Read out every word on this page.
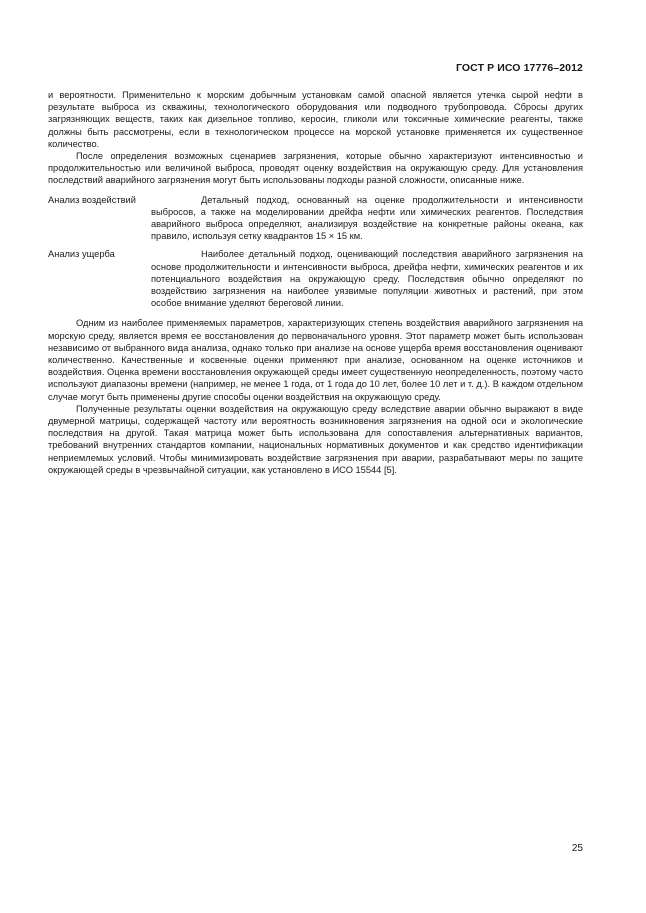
ГОСТ Р ИСО 17776–2012

и вероятности. Применительно к морским добычным установкам самой опасной является утечка сырой нефти в результате выброса из скважины, технологического оборудования или подводного трубопровода. Сбросы других загрязняющих веществ, таких как дизельное топливо, керосин, гликоли или токсичные химические реагенты, также должны быть рассмотрены, если в технологическом процессе на морской установке применяется их существенное количество.

После определения возможных сценариев загрязнения, которые обычно характеризуют интенсивностью и продолжительностью или величиной выброса, проводят оценку воздействия на окружающую среду. Для установления последствий аварийного загрязнения могут быть использованы подходы разной сложности, описанные ниже.

Анализ воздействий	Детальный подход, основанный на оценке продолжительности и интенсивности выбросов, а также на моделировании дрейфа нефти или химических реагентов. Последствия аварийного выброса определяют, анализируя воздействие на конкретные районы океана, как правило, используя сетку квадрантов 15 × 15 км.

Анализ ущерба	Наиболее детальный подход, оценивающий последствия аварийного загрязнения на основе продолжительности и интенсивности выброса, дрейфа нефти, химических реагентов и их потенциального воздействия на окружающую среду. Последствия обычно определяют по воздействию загрязнения на наиболее уязвимые популяции животных и растений, при этом особое внимание уделяют береговой линии.

Одним из наиболее применяемых параметров, характеризующих степень воздействия аварийного загрязнения на морскую среду, является время ее восстановления до первоначального уровня. Этот параметр может быть использован независимо от выбранного вида анализа, однако только при анализе на основе ущерба время восстановления оценивают количественно. Качественные и косвенные оценки применяют при анализе, основанном на оценке источников и воздействия. Оценка времени восстановления окружающей среды имеет существенную неопределенность, поэтому часто используют диапазоны времени (например, не менее 1 года, от 1 года до 10 лет, более 10 лет и т. д.). В каждом отдельном случае могут быть применены другие способы оценки воздействия на окружающую среду.

Полученные результаты оценки воздействия на окружающую среду вследствие аварии обычно выражают в виде двумерной матрицы, содержащей частоту или вероятность возникновения загрязнения на одной оси и экологические последствия на другой. Такая матрица может быть использована для сопоставления альтернативных вариантов, требований внутренних стандартов компании, национальных нормативных документов и как средство идентификации неприемлемых условий. Чтобы минимизировать воздействие загрязнения при аварии, разрабатывают меры по защите окружающей среды в чрезвычайной ситуации, как установлено в ИСО 15544 [5].

25
